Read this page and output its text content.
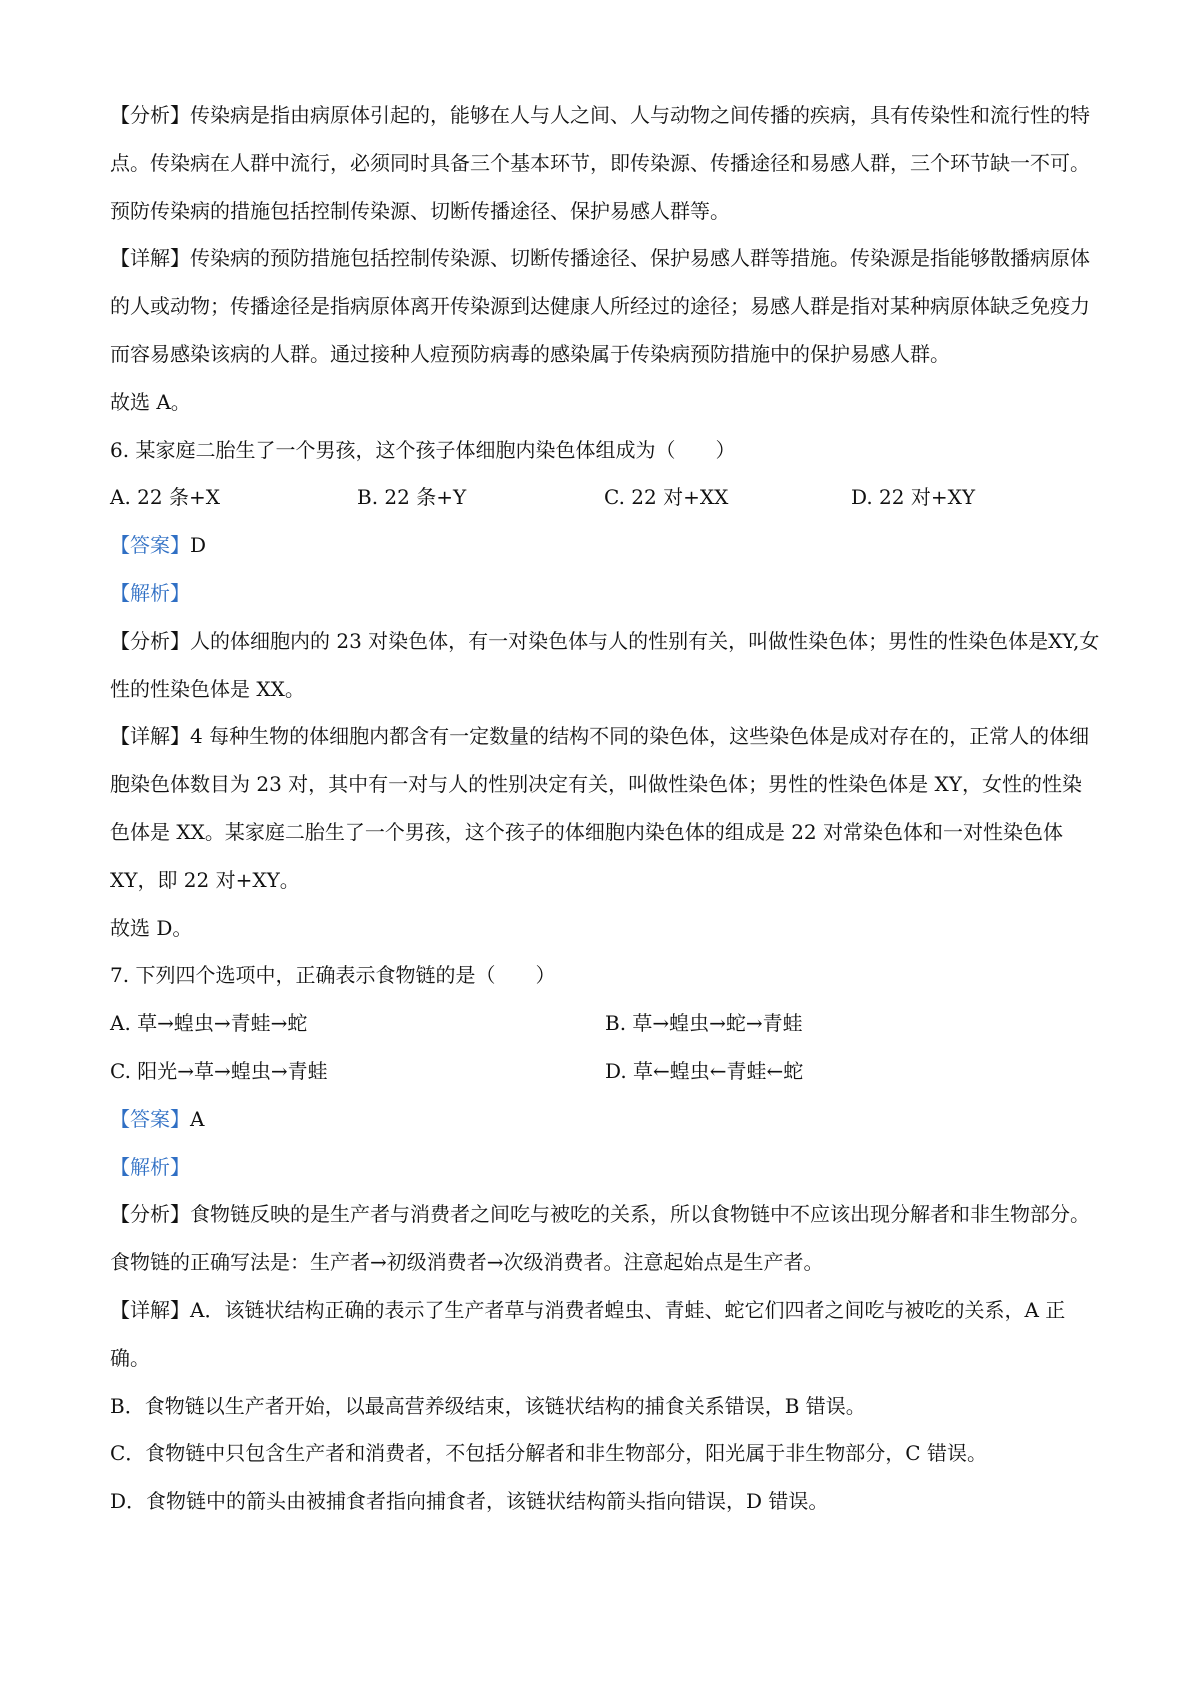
【分析】传染病是指由病原体引起的，能够在人与人之间、人与动物之间传播的疾病，具有传染性和流行性的特点。传染病在人群中流行，必须同时具备三个基本环节，即传染源、传播途径和易感人群，三个环节缺一不可。预防传染病的措施包括控制传染源、切断传播途径、保护易感人群等。

【详解】传染病的预防措施包括控制传染源、切断传播途径、保护易感人群等措施。传染源是指能够散播病原体的人或动物；传播途径是指病原体离开传染源到达健康人所经过的途径；易感人群是指对某种病原体缺乏免疫力而容易感染该病的人群。通过接种人痘预防病毒的感染属于传染病预防措施中的保护易感人群。

故选 A。

6. 某家庭二胎生了一个男孩，这个孩子体细胞内染色体组成为（　　）

A. 22 条+X	B. 22 条+Y	C. 22 对+XX	D. 22 对+XY

【答案】D

【解析】

【分析】人的体细胞内的 23 对染色体，有一对染色体与人的性别有关，叫做性染色体；男性的性染色体是XY,女性的性染色体是 XX。

【详解】4 每种生物的体细胞内都含有一定数量的结构不同的染色体，这些染色体是成对存在的，正常人的体细胞染色体数目为 23 对，其中有一对与人的性别决定有关，叫做性染色体；男性的性染色体是 XY，女性的性染色体是 XX。某家庭二胎生了一个男孩，这个孩子的体细胞内染色体的组成是 22 对常染色体和一对性染色体 XY，即 22 对+XY。

故选 D。

7. 下列四个选项中，正确表示食物链的是（　　）

A. 草→蝗虫→青蛙→蛇	B. 草→蝗虫→蛇→青蛙
C. 阳光→草→蝗虫→青蛙	D. 草←蝗虫←青蛙←蛇

【答案】A

【解析】

【分析】食物链反映的是生产者与消费者之间吃与被吃的关系，所以食物链中不应该出现分解者和非生物部分。食物链的正确写法是：生产者→初级消费者→次级消费者。注意起始点是生产者。

【详解】A．该链状结构正确的表示了生产者草与消费者蝗虫、青蛙、蛇它们四者之间吃与被吃的关系，A 正确。

B．食物链以生产者开始，以最高营养级结束，该链状结构的捕食关系错误，B 错误。

C．食物链中只包含生产者和消费者，不包括分解者和非生物部分，阳光属于非生物部分，C 错误。

D．食物链中的箭头由被捕食者指向捕食者，该链状结构箭头指向错误，D 错误。
